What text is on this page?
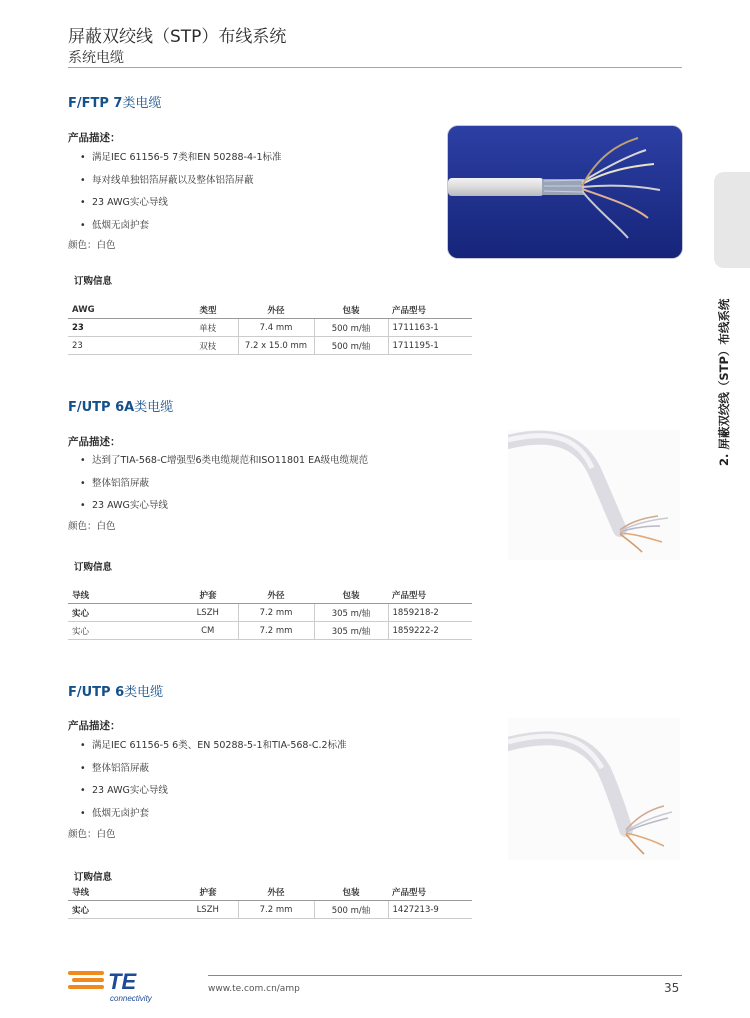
屏蔽双绞线（STP）布线系统
系统电缆
2. 屏蔽双绞线（STP）布线系统
F/FTP 7类电缆
产品描述：
• 满足IEC 61156-5 7类和EN 50288-4-1标准
• 每对线单独铝箔屏蔽以及整体铝箔屏蔽
• 23 AWG实心导线
• 低烟无卤护套
颜色：白色
订购信息
AWG	类型	外径	包装	产品型号
23	单枝	7.4 mm	500 m/轴	1711163-1
23	双枝	7.2 x 15.0 mm	500 m/轴	1711195-1
F/UTP 6A类电缆
产品描述：
• 达到了TIA-568-C增强型6类电缆规范和ISO11801 EA级电缆规范
• 整体铝箔屏蔽
• 23 AWG实心导线
颜色：白色
订购信息
导线	护套	外径	包装	产品型号
实心	LSZH	7.2 mm	305 m/轴	1859218-2
实心	CM	7.2 mm	305 m/轴	1859222-2
F/UTP 6类电缆
产品描述：
• 满足IEC 61156-5 6类、EN 50288-5-1和TIA-568-C.2标准
• 整体铝箔屏蔽
• 23 AWG实心导线
• 低烟无卤护套
颜色：白色
订购信息
导线	护套	外径	包装	产品型号
实心	LSZH	7.2 mm	500 m/轴	1427213-9
TE
connectivity
www.te.com.cn/amp	35
